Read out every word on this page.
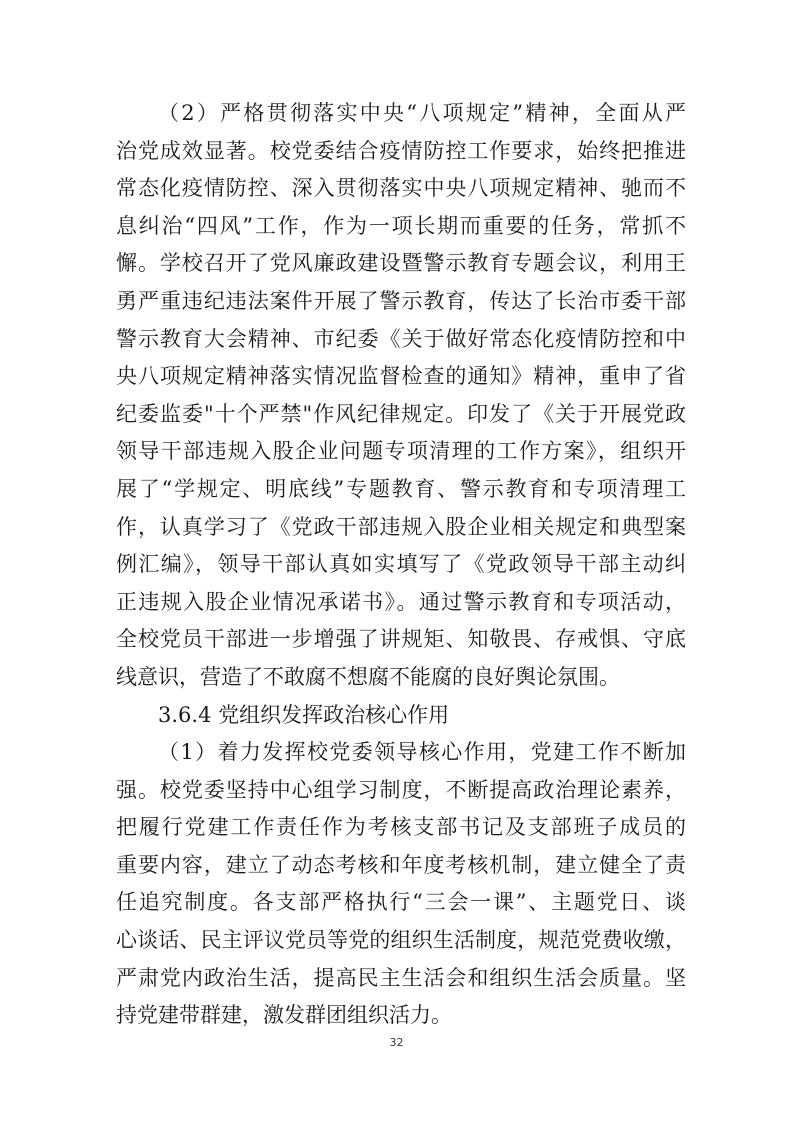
（2）严格贯彻落实中央“八项规定”精神，全面从严
治党成效显著。校党委结合疫情防控工作要求，始终把推进
常态化疫情防控、深入贯彻落实中央八项规定精神、驰而不
息纠治“四风”工作，作为一项长期而重要的任务，常抓不
懈。学校召开了党风廉政建设暨警示教育专题会议，利用王
勇严重违纪违法案件开展了警示教育，传达了长治市委干部
警示教育大会精神、市纪委《关于做好常态化疫情防控和中
央八项规定精神落实情况监督检查的通知》精神，重申了省
纪委监委"十个严禁"作风纪律规定。印发了《关于开展党政
领导干部违规入股企业问题专项清理的工作方案》，组织开
展了“学规定、明底线”专题教育、警示教育和专项清理工
作，认真学习了《党政干部违规入股企业相关规定和典型案
例汇编》，领导干部认真如实填写了《党政领导干部主动纠
正违规入股企业情况承诺书》。通过警示教育和专项活动，
全校党员干部进一步增强了讲规矩、知敬畏、存戒惧、守底
线意识，营造了不敢腐不想腐不能腐的良好舆论氛围。
3.6.4 党组织发挥政治核心作用
（1）着力发挥校党委领导核心作用，党建工作不断加
强。校党委坚持中心组学习制度，不断提高政治理论素养，
把履行党建工作责任作为考核支部书记及支部班子成员的
重要内容，建立了动态考核和年度考核机制，建立健全了责
任追究制度。各支部严格执行“三会一课”、主题党日、谈
心谈话、民主评议党员等党的组织生活制度，规范党费收缴，
严肃党内政治生活，提高民主生活会和组织生活会质量。坚
持党建带群建，激发群团组织活力。
32
